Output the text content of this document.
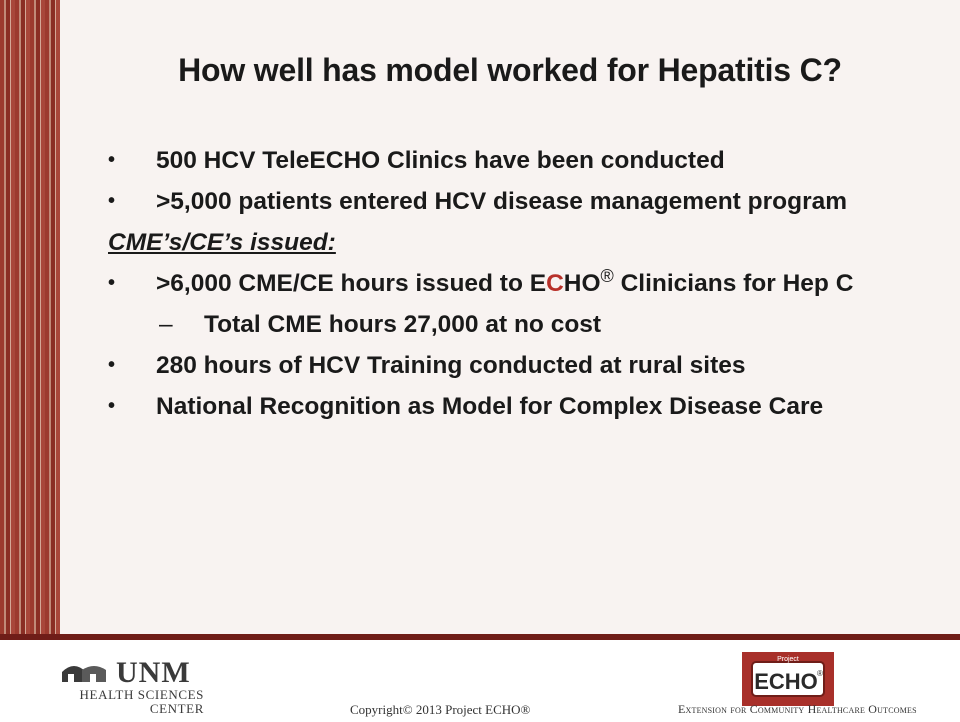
How well has model worked for Hepatitis C?
• 500 HCV TeleECHO Clinics have been conducted
• >5,000 patients entered HCV disease management program
CME’s/CE’s issued:
• >6,000 CME/CE hours issued to ECHO® Clinicians for Hep C
– Total CME hours 27,000 at no cost
• 280 hours of HCV Training conducted at rural sites
• National Recognition as Model for Complex Disease Care
UNM
HEALTH SCIENCES
CENTER	Copyright© 2013 Project ECHO®
Project
ECHO ®
Extension for Community Healthcare Outcomes
